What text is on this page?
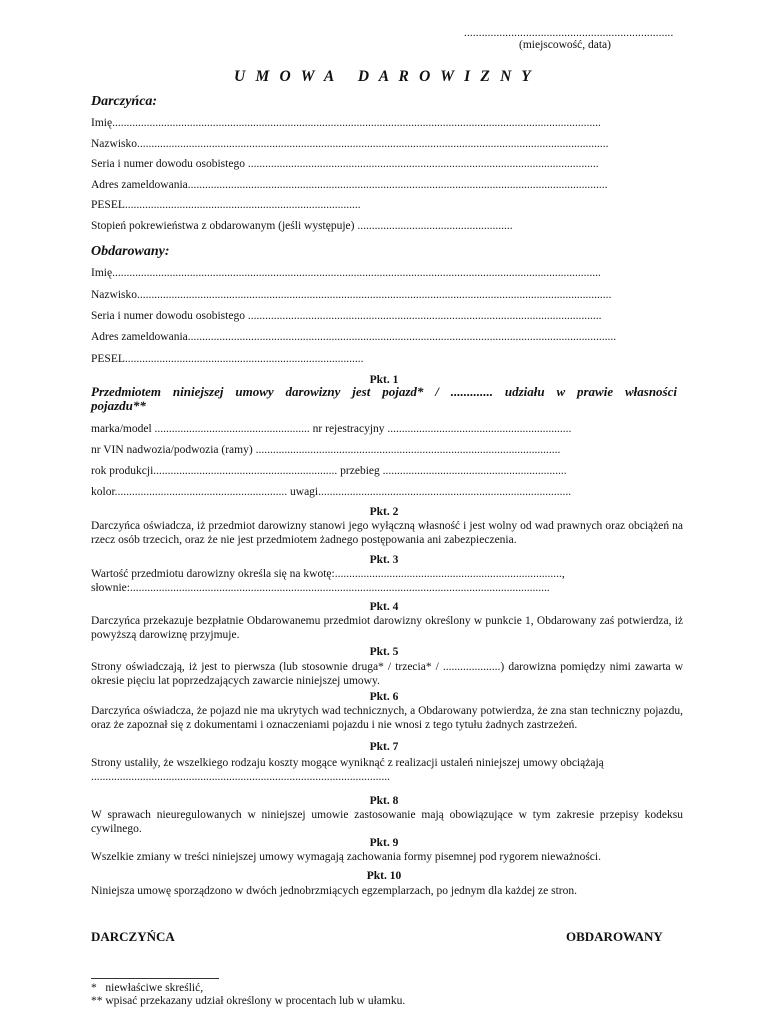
.......................................................................
(miejscowość, data)
U M O W A   D A R O W I Z N Y
Darczyńca:
Imię..........................................................................................................................................................................
Nazwisko....................................................................................................................................................................
Seria i numer dowodu osobistego ..........................................................................................................................
Adres zameldowania..................................................................................................................................................
PESEL..................................................................................
Stopień pokrewieństwa z obdarowanym (jeśli występuje) ......................................................
Obdarowany:
Imię..........................................................................................................................................................................
Nazwisko.....................................................................................................................................................................
Seria i numer dowodu osobistego ...........................................................................................................................
Adres zameldowania.....................................................................................................................................................
PESEL...................................................................................
Pkt. 1
Przedmiotem niniejszej umowy darowizny jest pojazd* / ............. udziału w prawie własności
pojazdu**
marka/model ...................................................... nr rejestracyjny ................................................................
nr VIN nadwozia/podwozia (ramy) ..........................................................................................................
rok produkcji................................................................ przebieg ................................................................
kolor............................................................ uwagi........................................................................................
Pkt. 2
Darczyńca oświadcza, iż przedmiot darowizny stanowi jego wyłączną własność i jest wolny od wad prawnych oraz obciążeń na rzecz osób trzecich, oraz że nie jest przedmiotem żadnego postępowania ani zabezpieczenia.
Pkt. 3
Wartość przedmiotu darowizny określa się na kwotę:...............................................................................,
słownie:..................................................................................................................................................
Pkt. 4
Darczyńca przekazuje bezpłatnie Obdarowanemu przedmiot darowizny określony w punkcie 1, Obdarowany zaś potwierdza, iż powyższą darowiznę przyjmuje.
Pkt. 5
Strony oświadczają, iż jest to pierwsza (lub stosownie druga* / trzecia* / ....................) darowizna pomiędzy nimi zawarta w okresie pięciu lat poprzedzających zawarcie niniejszej umowy.
Pkt. 6
Darczyńca oświadcza, że pojazd nie ma ukrytych wad technicznych, a Obdarowany potwierdza, że zna stan techniczny pojazdu, oraz że zapoznał się z dokumentami i oznaczeniami pojazdu i nie wnosi z tego tytułu żadnych zastrzeżeń.
Pkt. 7
Strony ustaliły, że wszelkiego rodzaju koszty mogące wyniknąć z realizacji ustaleń niniejszej umowy obciążają
........................................................................................................
Pkt. 8
W sprawach nieuregulowanych w niniejszej umowie zastosowanie mają obowiązujące w tym zakresie przepisy kodeksu cywilnego.
Pkt. 9
Wszelkie zmiany w treści niniejszej umowy wymagają zachowania formy pisemnej pod rygorem nieważności.
Pkt. 10
Niniejsza umowę sporządzono w dwóch jednobrzmiących egzemplarzach, po jednym dla każdej ze stron.
DARCZYŃCA	OBDAROWANY
*   niewłaściwe skreślić,
** wpisać przekazany udział określony w procentach lub w ułamku.
